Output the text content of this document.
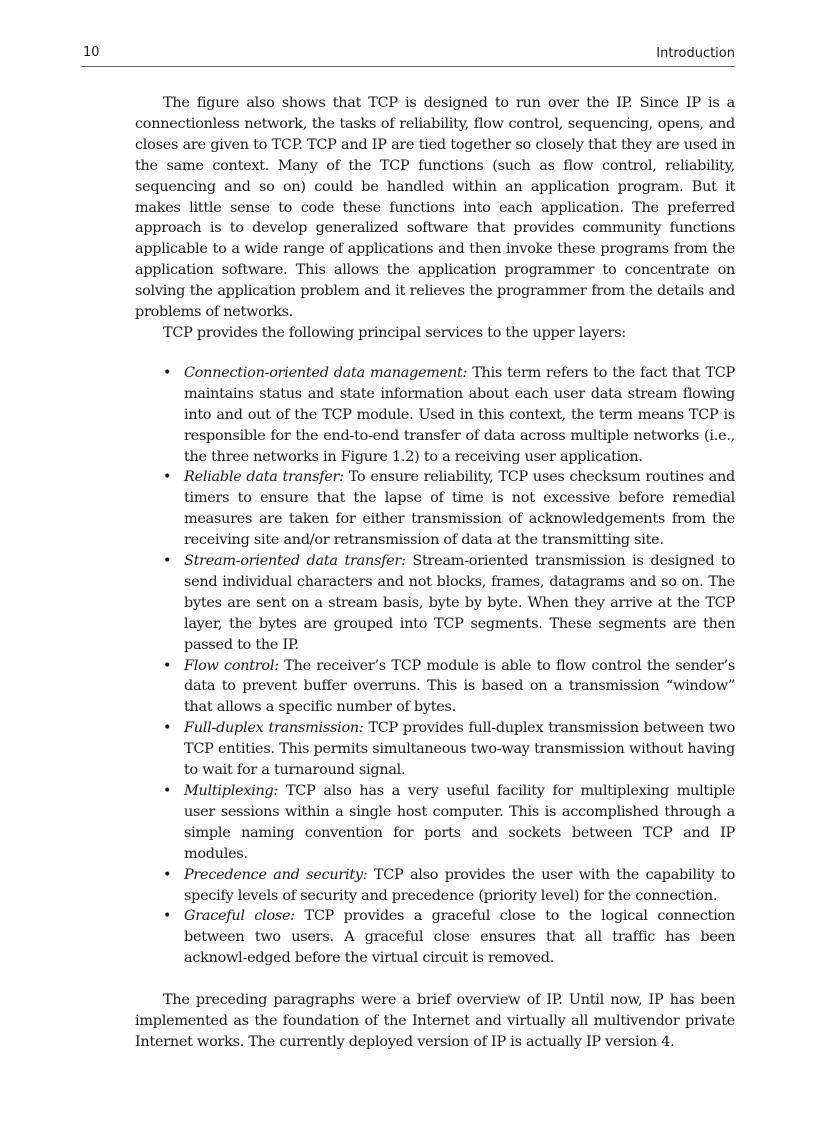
10	Introduction

The figure also shows that TCP is designed to run over the IP. Since IP is a connectionless network, the tasks of reliability, flow control, sequencing, opens, and closes are given to TCP. TCP and IP are tied together so closely that they are used in the same context. Many of the TCP functions (such as flow control, reliability, sequencing and so on) could be handled within an application program. But it makes little sense to code these functions into each application. The preferred approach is to develop generalized software that provides community functions applicable to a wide range of applications and then invoke these programs from the application software. This allows the application programmer to concentrate on solving the application problem and it relieves the programmer from the details and problems of networks.

TCP provides the following principal services to the upper layers:

• Connection-oriented data management: This term refers to the fact that TCP maintains status and state information about each user data stream flowing into and out of the TCP module. Used in this context, the term means TCP is responsible for the end-to-end transfer of data across multiple networks (i.e., the three networks in Figure 1.2) to a receiving user application.
• Reliable data transfer: To ensure reliability, TCP uses checksum routines and timers to ensure that the lapse of time is not excessive before remedial measures are taken for either transmission of acknowledgements from the receiving site and/or retransmission of data at the transmitting site.
• Stream-oriented data transfer: Stream-oriented transmission is designed to send individual characters and not blocks, frames, datagrams and so on. The bytes are sent on a stream basis, byte by byte. When they arrive at the TCP layer, the bytes are grouped into TCP segments. These segments are then passed to the IP.
• Flow control: The receiver’s TCP module is able to flow control the sender’s data to prevent buffer overruns. This is based on a transmission “window” that allows a specific number of bytes.
• Full-duplex transmission: TCP provides full-duplex transmission between two TCP entities. This permits simultaneous two-way transmission without having to wait for a turnaround signal.
• Multiplexing: TCP also has a very useful facility for multiplexing multiple user sessions within a single host computer. This is accomplished through a simple naming convention for ports and sockets between TCP and IP modules.
• Precedence and security: TCP also provides the user with the capability to specify levels of security and precedence (priority level) for the connection.
• Graceful close: TCP provides a graceful close to the logical connection between two users. A graceful close ensures that all traffic has been acknowl-edged before the virtual circuit is removed.

The preceding paragraphs were a brief overview of IP. Until now, IP has been implemented as the foundation of the Internet and virtually all multivendor private Internet works. The currently deployed version of IP is actually IP version 4.
